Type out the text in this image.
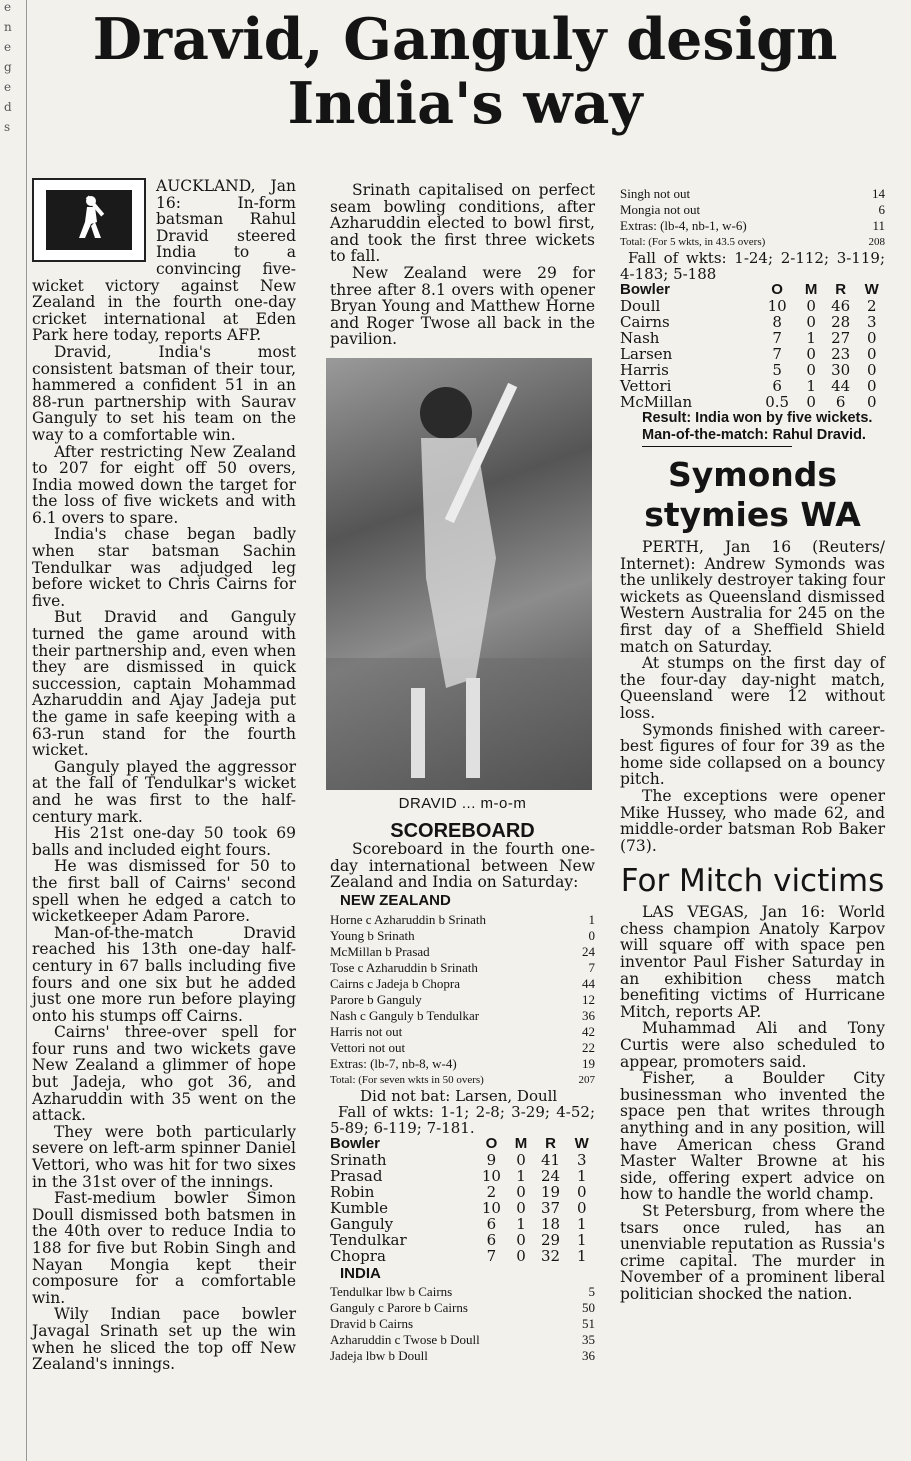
e
n
e
g
e
d
s
Dravid, Ganguly design India's way

AUCKLAND, Jan 16:	In-form batsman Rahul Dravid steered India to a convincing five-wicket victory against New Zealand in the fourth one-day cricket international at Eden Park here today, reports AFP.

Dravid, India's most consistent batsman of their tour, hammered a confident 51 in an 88-run partnership with Saurav Ganguly to set his team on the way to a comfortable win.

After restricting New Zealand to 207 for eight off 50 overs, India mowed down the target for the loss of five wickets and with 6.1 overs to spare.

India's chase began badly when star batsman Sachin Tendulkar was adjudged leg before wicket to Chris Cairns for five.

But Dravid and Ganguly turned the game around with their partnership and, even when they are dismissed in quick succession, captain Mohammad Azharuddin and Ajay Jadeja put the game in safe keeping with a 63-run stand for the fourth wicket.

Ganguly played the aggressor at the fall of Tendulkar's wicket and he was first to the half-century mark.

His 21st one-day 50 took 69 balls and included eight fours.

He was dismissed for 50 to the first ball of Cairns' second spell when he edged a catch to wicketkeeper Adam Parore.

Man-of-the-match Dravid reached his 13th one-day half-century in 67 balls including five fours and one six but he added just one more run before playing onto his stumps off Cairns.

Cairns' three-over spell for four runs and two wickets gave New Zealand a glimmer of hope but Jadeja, who got 36, and Azharuddin with 35 went on the attack.

They were both particularly severe on left-arm spinner Daniel Vettori, who was hit for two sixes in the 31st over of the innings.

Fast-medium bowler Simon Doull dismissed both batsmen in the 40th over to reduce India to 188 for five but Robin Singh and Nayan Mongia kept their composure for a comfortable win.

Wily Indian pace bowler Javagal Srinath set up the win when he sliced the top off New Zealand's innings.

Srinath capitalised on perfect seam bowling conditions, after Azharuddin elected to bowl first, and took the first three wickets to fall.

New Zealand were 29 for three after 8.1 overs with opener Bryan Young and Matthew Horne and Roger Twose all back in the pavilion.

DRAVID ... m-o-m
SCOREBOARD

Scoreboard in the fourth one-day international between New Zealand and India on Saturday:

NEW ZEALAND
Horne c Azharuddin b Srinath	1
Young b Srinath	0
McMillan b Prasad	24
Tose c Azharuddin b Srinath	7
Cairns c Jadeja b Chopra	44
Parore b Ganguly	12
Nash c Ganguly b Tendulkar	36
Harris not out	42
Vettori not out	22
Extras: (lb-7, nb-8, w-4)	19
Total: (For seven wkts in 50 overs)	207
Did not bat: Larsen, Doull
Fall of wkts: 1-1; 2-8; 3-29; 4-52; 5-89; 6-119; 7-181.
Bowler	O	M	R	W
Srinath	9	0	41	3
Prasad	10	1	24	1
Robin	2	0	19	0
Kumble	10	0	37	0
Ganguly	6	1	18	1
Tendulkar	6	0	29	1
Chopra	7	0	32	1
INDIA
Tendulkar lbw b Cairns	5
Ganguly c Parore b Cairns	50
Dravid b Cairns	51
Azharuddin c Twose b Doull	35
Jadeja lbw b Doull	36
Singh not out	14
Mongia not out	6
Extras: (lb-4, nb-1, w-6)	11
Total: (For 5 wkts, in 43.5 overs)	208
Fall of wkts: 1-24; 2-112; 3-119; 4-183; 5-188
Bowler	O	M	R	W
Doull	10	0	46	2
Cairns	8	0	28	3
Nash	7	1	27	0
Larsen	7	0	23	0
Harris	5	0	30	0
Vettori	6	1	44	0
McMillan	0.5	0	6	0
Result: India won by five wickets.
Man-of-the-match: Rahul Dravid.
Symonds stymies WA

PERTH, Jan 16 (Reuters/ Internet): Andrew Symonds was the unlikely destroyer taking four wickets as Queensland dismissed Western Australia for 245 on the first day of a Sheffield Shield match on Saturday.

At stumps on the first day of the four-day day-night match, Queensland were 12 without loss.

Symonds finished with career-best figures of four for 39 as the home side collapsed on a bouncy pitch.

The exceptions were opener Mike Hussey, who made 62, and middle-order batsman Rob Baker (73).

For Mitch victims

LAS VEGAS, Jan 16: World chess champion Anatoly Karpov will square off with space pen inventor Paul Fisher Saturday in an exhibition chess match benefiting victims of Hurricane Mitch, reports AP.

Muhammad Ali and Tony Curtis were also scheduled to appear, promoters said.

Fisher, a Boulder City businessman who invented the space pen that writes through anything and in any position, will have American chess Grand Master Walter Browne at his side, offering expert advice on how to handle the world champ.

St Petersburg, from where the tsars once ruled, has an unenviable reputation as Russia's crime capital. The murder in November of a prominent liberal politician shocked the nation.
